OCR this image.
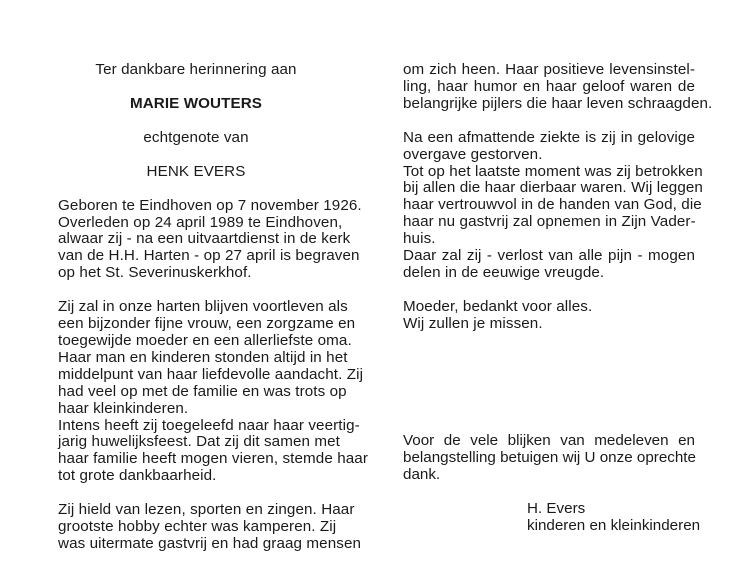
Ter dankbare herinnering aan
MARIE WOUTERS
echtgenote van
HENK EVERS
Geboren te Eindhoven op 7 november 1926.
Overleden op 24 april 1989 te Eindhoven,
alwaar zij - na een uitvaartdienst in de kerk
van de H.H. Harten - op 27 april is begraven
op het St. Severinuskerkhof.
Zij zal in onze harten blijven voortleven als
een bijzonder fijne vrouw, een zorgzame en
toegewijde moeder en een allerliefste oma.
Haar man en kinderen stonden altijd in het
middelpunt van haar liefdevolle aandacht. Zij
had veel op met de familie en was trots op
haar kleinkinderen.
Intens heeft zij toegeleefd naar haar veertig-
jarig huwelijksfeest. Dat zij dit samen met
haar familie heeft mogen vieren, stemde haar
tot grote dankbaarheid.
Zij hield van lezen, sporten en zingen. Haar
grootste hobby echter was kamperen. Zij
was uitermate gastvrij en had graag mensen
om zich heen. Haar positieve levensinstel-
ling, haar humor en haar geloof waren de
belangrijke pijlers die haar leven schraagden.
Na een afmattende ziekte is zij in gelovige
overgave gestorven.
Tot op het laatste moment was zij betrokken
bij allen die haar dierbaar waren. Wij leggen
haar vertrouwvol in de handen van God, die
haar nu gastvrij zal opnemen in Zijn Vader-
huis.
Daar zal zij - verlost van alle pijn - mogen
delen in de eeuwige vreugde.
Moeder, bedankt voor alles.
Wij zullen je missen.
Voor de vele blijken van medeleven en
belangstelling betuigen wij U onze oprechte
dank.
H. Evers
kinderen en kleinkinderen
